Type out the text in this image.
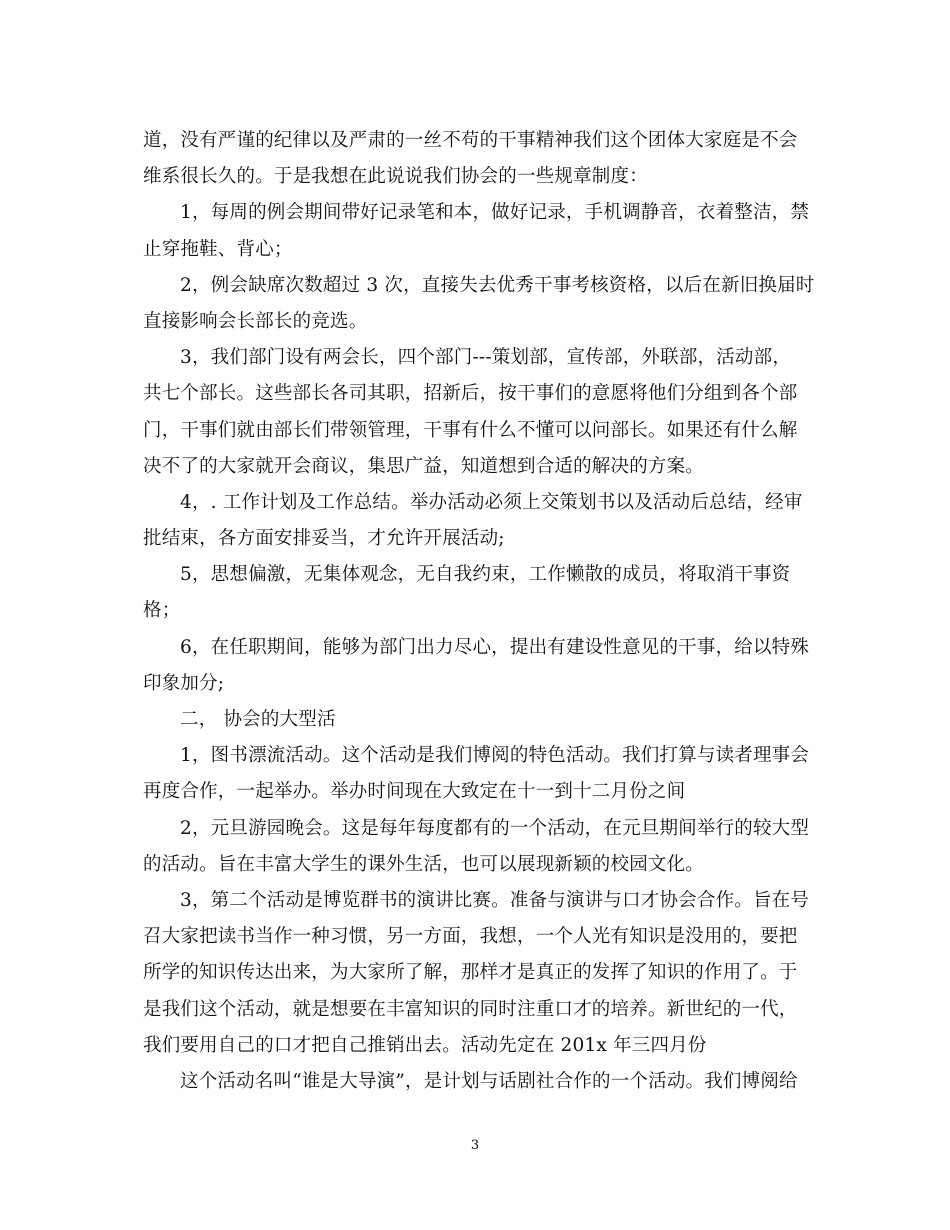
道，没有严谨的纪律以及严肃的一丝不苟的干事精神我们这个团体大家庭是不会
维系很长久的。于是我想在此说说我们协会的一些规章制度：
1，每周的例会期间带好记录笔和本，做好记录，手机调静音，衣着整洁，禁
止穿拖鞋、背心；
2，例会缺席次数超过 3 次，直接失去优秀干事考核资格，以后在新旧换届时
直接影响会长部长的竞选。
3，我们部门设有两会长，四个部门---策划部，宣传部，外联部，活动部，
共七个部长。这些部长各司其职，招新后，按干事们的意愿将他们分组到各个部
门，干事们就由部长们带领管理，干事有什么不懂可以问部长。如果还有什么解
决不了的大家就开会商议，集思广益，知道想到合适的解决的方案。
4，. 工作计划及工作总结。举办活动必须上交策划书以及活动后总结，经审
批结束，各方面安排妥当，才允许开展活动;
5，思想偏激，无集体观念，无自我约束，工作懒散的成员，将取消干事资
格；
6，在任职期间，能够为部门出力尽心，提出有建设性意见的干事，给以特殊
印象加分;
二， 协会的大型活
1，图书漂流活动。这个活动是我们博阅的特色活动。我们打算与读者理事会
再度合作，一起举办。举办时间现在大致定在十一到十二月份之间
2，元旦游园晚会。这是每年每度都有的一个活动，在元旦期间举行的较大型
的活动。旨在丰富大学生的课外生活，也可以展现新颖的校园文化。
3，第二个活动是博览群书的演讲比赛。准备与演讲与口才协会合作。旨在号
召大家把读书当作一种习惯，另一方面，我想，一个人光有知识是没用的，要把
所学的知识传达出来，为大家所了解，那样才是真正的发挥了知识的作用了。于
是我们这个活动，就是想要在丰富知识的同时注重口才的培养。新世纪的一代，
我们要用自己的口才把自己推销出去。活动先定在 201x 年三四月份
这个活动名叫“谁是大导演”，是计划与话剧社合作的一个活动。我们博阅给
3
